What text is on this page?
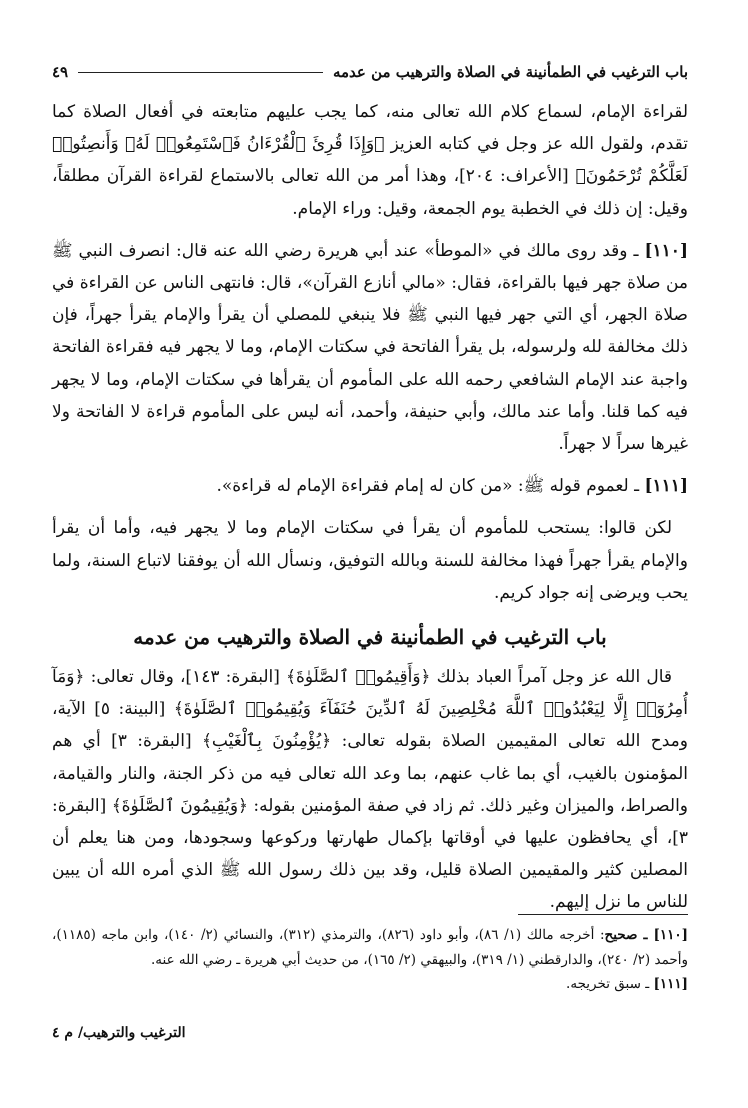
باب الترغيب في الطمأنينة في الصلاة والترهيب من عدمه
٤٩

لقراءة الإمام، لسماع كلام الله تعالى منه، كما يجب عليهم متابعته في أفعال الصلاة كما تقدم، ولقول الله عز وجل في كتابه العزيز ﴿وَإِذَا قُرِئَ ٱلْقُرْءَانُ فَٱسْتَمِعُوا۟ لَهُۥ وَأَنصِتُوا۟ لَعَلَّكُمْ تُرْحَمُونَ﴾ [الأعراف: ٢٠٤]، وهذا أمر من الله تعالى بالاستماع لقراءة القرآن مطلقاً، وقيل: إن ذلك في الخطبة يوم الجمعة، وقيل: وراء الإمام.

[١١٠] ـ وقد روى مالك في «الموطأ» عند أبي هريرة رضي الله عنه قال: انصرف النبي ﷺ من صلاة جهر فيها بالقراءة، فقال: «مالي أنازع القرآن»، قال: فانتهى الناس عن القراءة في صلاة الجهر، أي التي جهر فيها النبي ﷺ فلا ينبغي للمصلي أن يقرأ والإمام يقرأ جهراً، فإن ذلك مخالفة لله ولرسوله، بل يقرأ الفاتحة في سكتات الإمام، وما لا يجهر فيه فقراءة الفاتحة واجبة عند الإمام الشافعي رحمه الله على المأموم أن يقرأها في سكتات الإمام، وما لا يجهر فيه كما قلنا. وأما عند مالك، وأبي حنيفة، وأحمد، أنه ليس على المأموم قراءة لا الفاتحة ولا غيرها سراً لا جهراً.

[١١١] ـ لعموم قوله ﷺ: «من كان له إمام فقراءة الإمام له قراءة».

لكن قالوا: يستحب للمأموم أن يقرأ في سكتات الإمام وما لا يجهر فيه، وأما أن يقرأ والإمام يقرأ جهراً فهذا مخالفة للسنة وبالله التوفيق، ونسأل الله أن يوفقنا لاتباع السنة، ولما يحب ويرضى إنه جواد كريم.

باب الترغيب في الطمأنينة في الصلاة والترهيب من عدمه

قال الله عز وجل آمراً العباد بذلك ﴿وَأَقِيمُوا۟ ٱلصَّلَوٰةَ﴾ [البقرة: ١٤٣]، وقال تعالى: ﴿وَمَآ أُمِرُوٓا۟ إِلَّا لِيَعْبُدُوا۟ ٱللَّهَ مُخْلِصِينَ لَهُ ٱلدِّينَ حُنَفَآءَ وَيُقِيمُوا۟ ٱلصَّلَوٰةَ﴾ [البينة: ٥] الآية، ومدح الله تعالى المقيمين الصلاة بقوله تعالى: ﴿يُؤْمِنُونَ بِٱلْغَيْبِ﴾ [البقرة: ٣] أي هم المؤمنون بالغيب، أي بما غاب عنهم، بما وعد الله تعالى فيه من ذكر الجنة، والنار والقيامة، والصراط، والميزان وغير ذلك. ثم زاد في صفة المؤمنين بقوله: ﴿وَيُقِيمُونَ ٱلصَّلَوٰةَ﴾ [البقرة: ٣]، أي يحافظون عليها في أوقاتها بإكمال طهارتها وركوعها وسجودها، ومن هنا يعلم أن المصلين كثير والمقيمين الصلاة قليل، وقد بين ذلك رسول الله ﷺ الذي أمره الله أن يبين للناس ما نزل إليهم.

[١١٠] ـ صحيح: أخرجه مالك (١/ ٨٦)، وأبو داود (٨٢٦)، والترمذي (٣١٢)، والنسائي (٢/ ١٤٠)، وابن ماجه (١١٨٥)، وأحمد (٢/ ٢٤٠)، والدارقطني (١/ ٣١٩)، والبيهقي (٢/ ١٦٥)، من حديث أبي هريرة ـ رضي الله عنه.

[١١١] ـ سبق تخريجه.

الترغيب والترهيب/ م ٤
